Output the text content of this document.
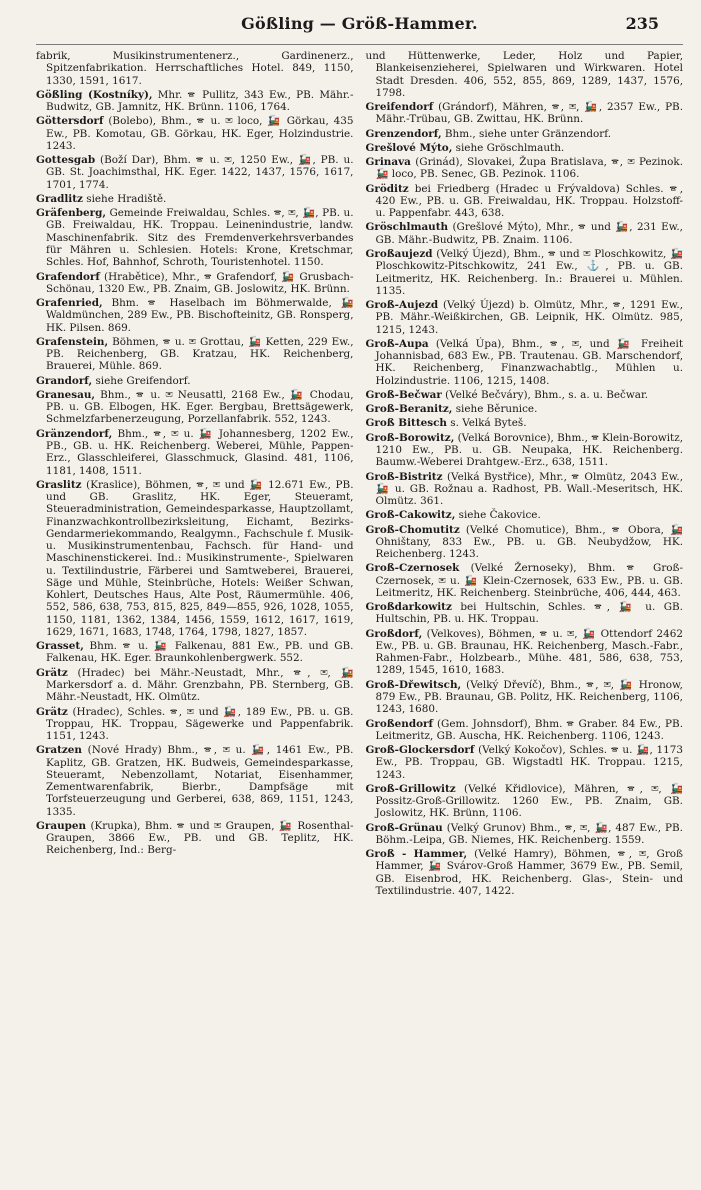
Gößling — Größ-Hammer.	235

fabrik, Musikinstrumentenerz., Gardinenerz., Spitzenfabrikation. Herrschaftliches Hotel. 849, 1150, 1330, 1591, 1617.

Gößling (Kostníky), Mhr. 🕿 Pullitz, 343 Ew., PB. Mähr.-Budwitz, GB. Jamnitz, HK. Brünn. 1106, 1764.

Göttersdorf (Bolebo), Bhm., 🕿 u. ✉ loco, 🚂 Görkau, 435 Ew., PB. Komotau, GB. Görkau, HK. Eger, Holzindustrie. 1243.

Gottesgab (Boží Dar), Bhm. 🕿 u. ✉, 1250 Ew., 🚂, PB. u. GB. St. Joachimsthal, HK. Eger. 1422, 1437, 1576, 1617, 1701, 1774.

Gradlitz siehe Hradiště.

Gräfenberg, Gemeinde Freiwaldau, Schles. 🕿, ✉, 🚂, PB. u. GB. Freiwaldau, HK. Troppau. Leinenindustrie, landw. Maschinenfabrik. Sitz des Fremdenverkehrsverbandes für Mähren u. Schlesien. Hotels: Krone, Kretschmar, Schles. Hof, Bahnhof, Schroth, Touristenhotel. 1150.

Grafendorf (Hrabětice), Mhr., 🕿 Grafendorf, 🚂 Grusbach-Schönau, 1320 Ew., PB. Znaim, GB. Joslowitz, HK. Brünn.

Grafenried, Bhm. 🕿 Haselbach im Böhmerwalde, 🚂 Waldmünchen, 289 Ew., PB. Bischofteinitz, GB. Ronsperg, HK. Pilsen. 869.

Grafenstein, Böhmen, 🕿 u. ✉ Grottau, 🚂 Ketten, 229 Ew., PB. Reichenberg, GB. Kratzau, HK. Reichenberg, Brauerei, Mühle. 869.

Grandorf, siehe Greifendorf.

Granesau, Bhm., 🕿 u. ✉ Neusattl, 2168 Ew., 🚂 Chodau, PB. u. GB. Elbogen, HK. Eger. Bergbau, Brettsägewerk, Schmelzfarbenerzeugung, Porzellanfabrik. 552, 1243.

Gränzendorf, Bhm., 🕿, ✉ u. 🚂 Johannesberg, 1202 Ew., PB., GB. u. HK. Reichenberg. Weberei, Mühle, Pappen-Erz., Glasschleiferei, Glasschmuck, Glasind. 481, 1106, 1181, 1408, 1511.

Graslitz (Kraslice), Böhmen, 🕿, ✉ und 🚂 12.671 Ew., PB. und GB. Graslitz, HK. Eger, Steueramt, Steueradministration, Gemeindesparkasse, Hauptzollamt, Finanzwachkontrollbezirksleitung, Eichamt, Bezirks-Gendarmeriekommando, Realgymn., Fachschule f. Musik- u. Musikinstrumentenbau, Fachsch. für Hand- und Maschinenstickerei. Ind.: Musikinstrumente-, Spielwaren u. Textilindustrie, Färberei und Samtweberei, Brauerei, Säge und Mühle, Steinbrüche, Hotels: Weißer Schwan, Kohlert, Deutsches Haus, Alte Post, Räumermühle. 406, 552, 586, 638, 753, 815, 825, 849—855, 926, 1028, 1055, 1150, 1181, 1362, 1384, 1456, 1559, 1612, 1617, 1619, 1629, 1671, 1683, 1748, 1764, 1798, 1827, 1857.

Grasset, Bhm. 🕿 u. 🚂 Falkenau, 881 Ew., PB. und GB. Falkenau, HK. Eger. Braunkohlenbergwerk. 552.

Grätz (Hradec) bei Mähr.-Neustadt, Mhr., 🕿, ✉, 🚂 Markersdorf a. d. Mähr. Grenzbahn, PB. Sternberg, GB. Mähr.-Neustadt, HK. Olmütz.

Grätz (Hradec), Schles. 🕿, ✉ und 🚂, 189 Ew., PB. u. GB. Troppau, HK. Troppau, Sägewerke und Pappenfabrik. 1151, 1243.

Gratzen (Nové Hrady) Bhm., 🕿, ✉ u. 🚂, 1461 Ew., PB. Kaplitz, GB. Gratzen, HK. Budweis, Gemeindesparkasse, Steueramt, Nebenzollamt, Notariat, Eisenhammer, Zementwarenfabrik, Bierbr., Dampfsäge mit Torfsteuerzeugung und Gerberei, 638, 869, 1151, 1243, 1335.

Graupen (Krupka), Bhm. 🕿 und ✉ Graupen, 🚂 Rosenthal-Graupen, 3866 Ew., PB. und GB. Teplitz, HK. Reichenberg, Ind.: Berg-

und Hüttenwerke, Leder, Holz und Papier, Blankeisenzieherei, Spielwaren und Wirkwaren. Hotel Stadt Dresden. 406, 552, 855, 869, 1289, 1437, 1576, 1798.

Greifendorf (Grándorf), Mähren, 🕿, ✉, 🚂, 2357 Ew., PB. Mähr.-Trübau, GB. Zwittau, HK. Brünn.

Grenzendorf, Bhm., siehe unter Gränzendorf.

Grešlové Mýto, siehe Gröschlmauth.

Grinava (Grinád), Slovakei, Župa Bratislava, 🕿, ✉ Pezinok. 🚂 loco, PB. Senec, GB. Pezinok. 1106.

Gröditz bei Friedberg (Hradec u Frývaldova) Schles. 🕿, 420 Ew., PB. u. GB. Freiwaldau, HK. Troppau. Holzstoff- u. Pappenfabr. 443, 638.

Gröschlmauth (Grešlové Mýto), Mhr., 🕿 und 🚂, 231 Ew., GB. Mähr.-Budwitz, PB. Znaim. 1106.

Großaujezd (Velký Újezd), Bhm., 🕿 und ✉ Ploschkowitz, 🚂 Ploschkowitz-Pitschkowitz, 241 Ew., ⚓, PB. u. GB. Leitmeritz, HK. Reichenberg. In.: Brauerei u. Mühlen. 1135.

Groß-Aujezd (Velký Újezd) b. Olmütz, Mhr., 🕿, 1291 Ew., PB. Mähr.-Weißkirchen, GB. Leipnik, HK. Olmütz. 985, 1215, 1243.

Groß-Aupa (Velká Úpa), Bhm., 🕿, ✉, und 🚂 Freiheit Johannisbad, 683 Ew., PB. Trautenau. GB. Marschendorf, HK. Reichenberg, Finanzwachabtlg., Mühlen u. Holzindustrie. 1106, 1215, 1408.

Groß-Bečwar (Velké Bečváry), Bhm., s. a. u. Bečwar.

Groß-Beranitz, siehe Běrunice.

Groß Bittesch s. Velká Byteš.

Groß-Borowitz, (Velká Borovnice), Bhm., 🕿 Klein-Borowitz, 1210 Ew., PB. u. GB. Neupaka, HK. Reichenberg. Baumw.-Weberei Drahtgew.-Erz., 638, 1511.

Groß-Bistritz (Velká Bystřice), Mhr., 🕿 Olmütz, 2043 Ew., 🚂 u. GB. Rožnau a. Radhost, PB. Wall.-Meseritsch, HK. Olmütz. 361.

Groß-Cakowitz, siehe Čakovice.

Groß-Chomutitz (Velké Chomutice), Bhm., 🕿 Obora, 🚂 Ohništany, 833 Ew., PB. u. GB. Neubydžow, HK. Reichenberg. 1243.

Groß-Czernosek (Velké Žernoseky), Bhm. 🕿 Groß-Czernosek, ✉ u. 🚂 Klein-Czernosek, 633 Ew., PB. u. GB. Leitmeritz, HK. Reichenberg. Steinbrüche, 406, 444, 463.

Großdarkowitz bei Hultschin, Schles. 🕿, 🚂 u. GB. Hultschin, PB. u. HK. Troppau.

Großdorf, (Velkoves), Böhmen, 🕿 u. ✉, 🚂 Ottendorf 2462 Ew., PB. u. GB. Braunau, HK. Reichenberg, Masch.-Fabr., Rahmen-Fabr., Holzbearb., Mühe. 481, 586, 638, 753, 1289, 1545, 1610, 1683.

Groß-Dřewitsch, (Velký Dřevíč), Bhm., 🕿, ✉, 🚂 Hronow, 879 Ew., PB. Braunau, GB. Politz, HK. Reichenberg, 1106, 1243, 1680.

Großendorf (Gem. Johnsdorf), Bhm. 🕿 Graber. 84 Ew., PB. Leitmeritz, GB. Auscha, HK. Reichenberg. 1106, 1243.

Groß-Glockersdorf (Velký Kokočov), Schles. 🕿 u. 🚂, 1173 Ew., PB. Troppau, GB. Wigstadtl HK. Troppau. 1215, 1243.

Groß-Grillowitz (Velké Křidlovice), Mähren, 🕿, ✉, 🚂 Possitz-Groß-Grillowitz. 1260 Ew., PB. Znaim, GB. Joslowitz, HK. Brünn, 1106.

Groß-Grünau (Velký Grunov) Bhm., 🕿, ✉, 🚂, 487 Ew., PB. Böhm.-Leipa, GB. Niemes, HK. Reichenberg. 1559.

Groß - Hammer, (Velké Hamry), Böhmen, 🕿, ✉, Groß Hammer, 🚂 Svárov-Groß Hammer, 3679 Ew., PB. Semil, GB. Eisenbrod, HK. Reichenberg. Glas-, Stein- und Textilindustrie. 407, 1422.
